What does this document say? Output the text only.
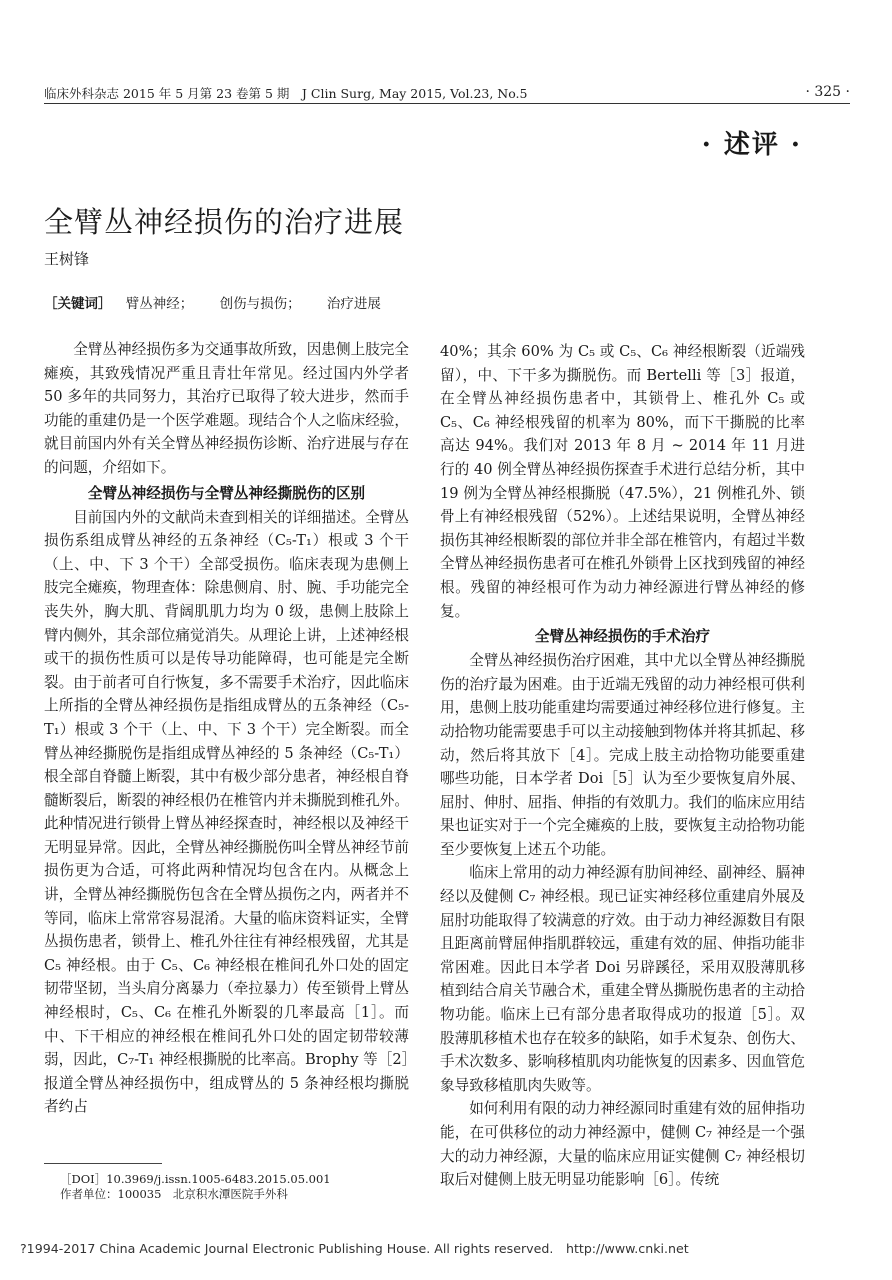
临床外科杂志 2015 年 5 月第 23 卷第 5 期　J Clin Surg, May 2015, Vol.23, No.5	· 325 ·
· 述评 ·
全臂丛神经损伤的治疗进展
王树锋
［关键词］ 臂丛神经； 创伤与损伤； 治疗进展

全臂丛神经损伤多为交通事故所致，因患侧上肢完全瘫痪，其致残情况严重且青壮年常见。经过国内外学者 50 多年的共同努力，其治疗已取得了较大进步，然而手功能的重建仍是一个医学难题。现结合个人之临床经验，就目前国内外有关全臂丛神经损伤诊断、治疗进展与存在的问题，介绍如下。

全臂丛神经损伤与全臂丛神经撕脱伤的区别

目前国内外的文献尚未查到相关的详细描述。全臂丛损伤系组成臂丛神经的五条神经（C₅-T₁）根或 3 个干（上、中、下 3 个干）全部受损伤。临床表现为患侧上肢完全瘫痪，物理查体：除患侧肩、肘、腕、手功能完全丧失外，胸大肌、背阔肌肌力均为 0 级，患侧上肢除上臂内侧外，其余部位痛觉消失。从理论上讲，上述神经根或干的损伤性质可以是传导功能障碍，也可能是完全断裂。由于前者可自行恢复，多不需要手术治疗，因此临床上所指的全臂丛神经损伤是指组成臂丛的五条神经（C₅-T₁）根或 3 个干（上、中、下 3 个干）完全断裂。而全臂丛神经撕脱伤是指组成臂丛神经的 5 条神经（C₅-T₁）根全部自脊髓上断裂，其中有极少部分患者，神经根自脊髓断裂后，断裂的神经根仍在椎管内并未撕脱到椎孔外。此种情况进行锁骨上臂丛神经探查时，神经根以及神经干无明显异常。因此，全臂丛神经撕脱伤叫全臂丛神经节前损伤更为合适，可将此两种情况均包含在内。从概念上讲，全臂丛神经撕脱伤包含在全臂丛损伤之内，两者并不等同，临床上常常容易混淆。大量的临床资料证实，全臂丛损伤患者，锁骨上、椎孔外往往有神经根残留，尤其是 C₅ 神经根。由于 C₅、C₆ 神经根在椎间孔外口处的固定韧带坚韧，当头肩分离暴力（牵拉暴力）传至锁骨上臂丛神经根时，C₅、C₆ 在椎孔外断裂的几率最高［1］。而中、下干相应的神经根在椎间孔外口处的固定韧带较薄弱，因此，C₇-T₁ 神经根撕脱的比率高。Brophy 等［2］报道全臂丛神经损伤中，组成臂丛的 5 条神经根均撕脱者约占

40%；其余 60% 为 C₅ 或 C₅、C₆ 神经根断裂（近端残留），中、下干多为撕脱伤。而 Bertelli 等［3］报道，在全臂丛神经损伤患者中，其锁骨上、椎孔外 C₅ 或 C₅、C₆ 神经根残留的机率为 80%，而下干撕脱的比率高达 94%。我们对 2013 年 8 月 ~ 2014 年 11 月进行的 40 例全臂丛神经损伤探查手术进行总结分析，其中 19 例为全臂丛神经根撕脱（47.5%），21 例椎孔外、锁骨上有神经根残留（52%）。上述结果说明，全臂丛神经损伤其神经根断裂的部位并非全部在椎管内，有超过半数全臂丛神经损伤患者可在椎孔外锁骨上区找到残留的神经根。残留的神经根可作为动力神经源进行臂丛神经的修复。

全臂丛神经损伤的手术治疗

全臂丛神经损伤治疗困难，其中尤以全臂丛神经撕脱伤的治疗最为困难。由于近端无残留的动力神经根可供利用，患侧上肢功能重建均需要通过神经移位进行修复。主动拾物功能需要患手可以主动接触到物体并将其抓起、移动，然后将其放下［4］。完成上肢主动拾物功能要重建哪些功能，日本学者 Doi［5］认为至少要恢复肩外展、屈肘、伸肘、屈指、伸指的有效肌力。我们的临床应用结果也证实对于一个完全瘫痪的上肢，要恢复主动拾物功能至少要恢复上述五个功能。

临床上常用的动力神经源有肋间神经、副神经、膈神经以及健侧 C₇ 神经根。现已证实神经移位重建肩外展及屈肘功能取得了较满意的疗效。由于动力神经源数目有限且距离前臂屈伸指肌群较远，重建有效的屈、伸指功能非常困难。因此日本学者 Doi 另辟蹊径，采用双股薄肌移植到结合肩关节融合术，重建全臂丛撕脱伤患者的主动拾物功能。临床上已有部分患者取得成功的报道［5］。双股薄肌移植术也存在较多的缺陷，如手术复杂、创伤大、手术次数多、影响移植肌肉功能恢复的因素多、因血管危象导致移植肌肉失败等。

如何利用有限的动力神经源同时重建有效的屈伸指功能，在可供移位的动力神经源中，健侧 C₇ 神经是一个强大的动力神经源，大量的临床应用证实健侧 C₇ 神经根切取后对健侧上肢无明显功能影响［6］。传统

［DOI］10.3969/j.issn.1005-6483.2015.05.001
作者单位：100035　北京积水潭医院手外科
?1994-2017 China Academic Journal Electronic Publishing House. All rights reserved.　http://www.cnki.net
